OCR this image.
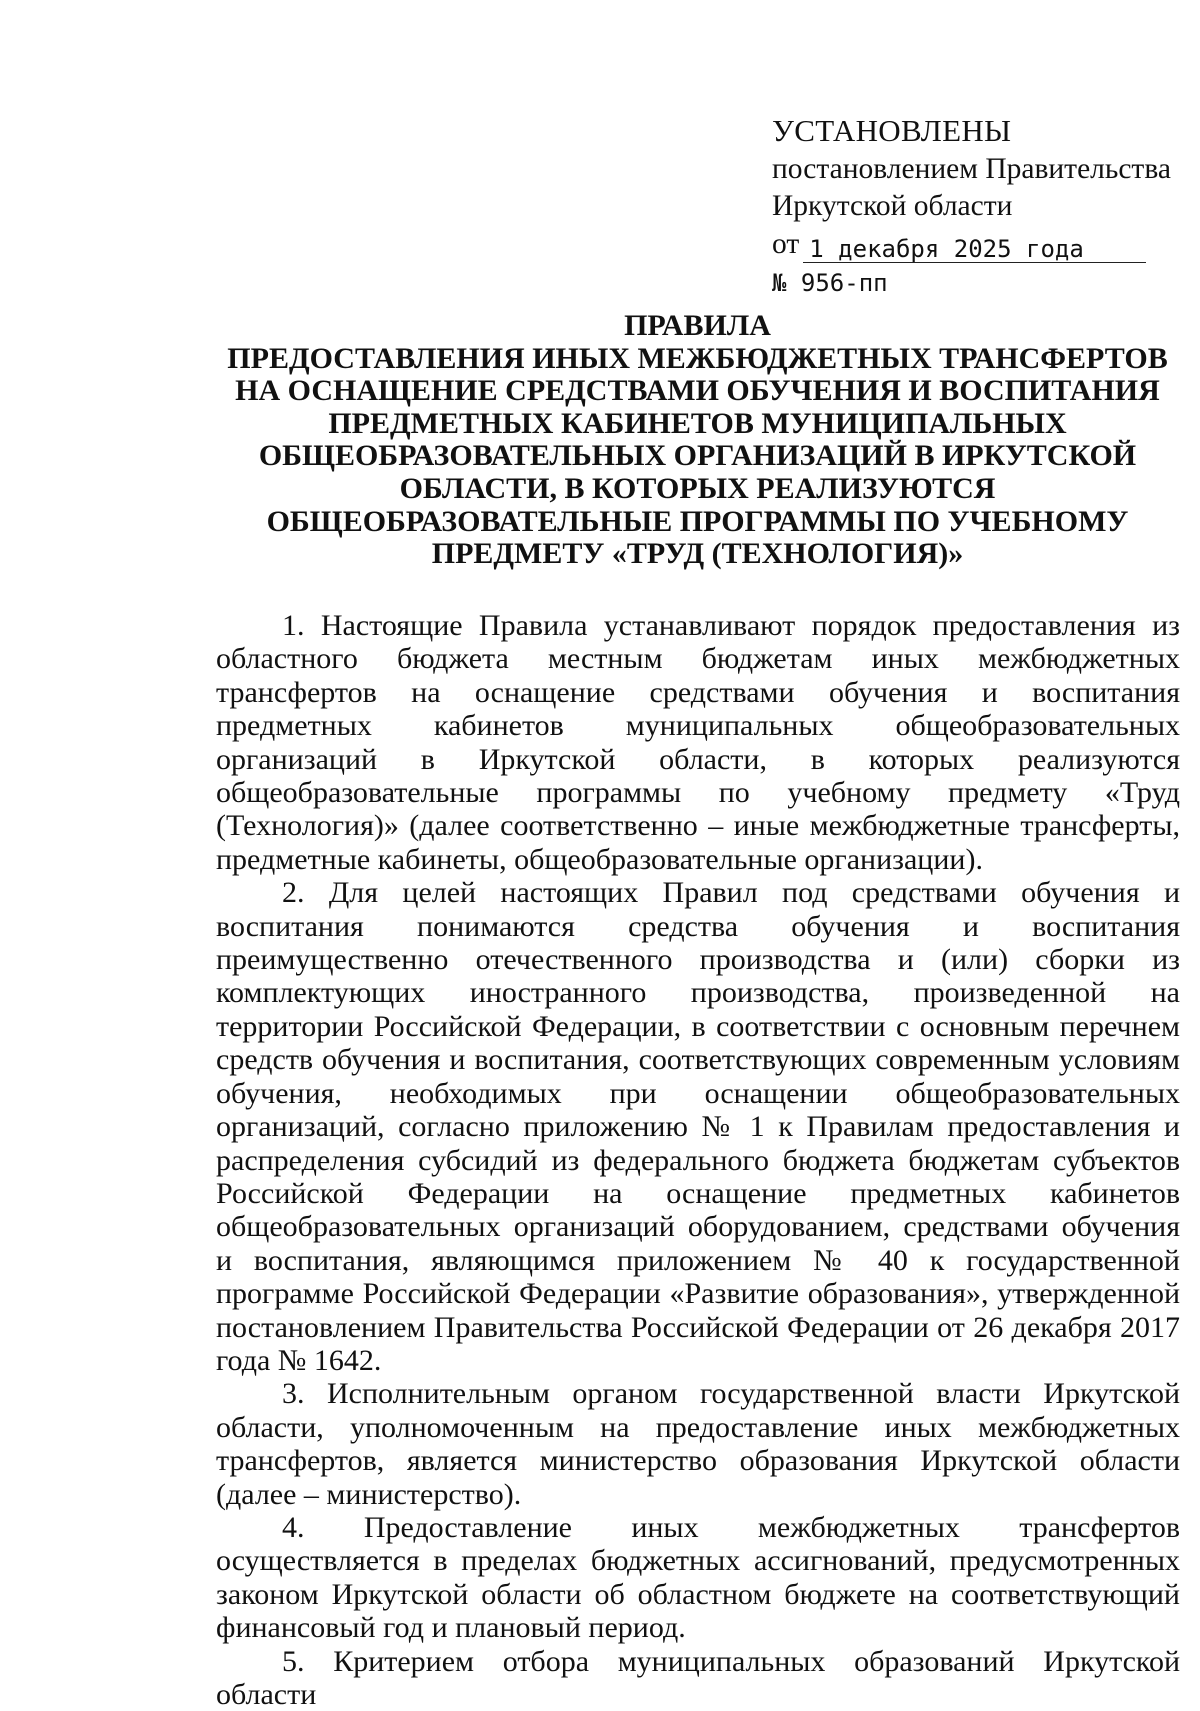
УСТАНОВЛЕНЫ
постановлением Правительства
Иркутской области
от 1 декабря 2025 года
№ 956-пп
ПРАВИЛА
ПРЕДОСТАВЛЕНИЯ ИНЫХ МЕЖБЮДЖЕТНЫХ ТРАНСФЕРТОВ НА ОСНАЩЕНИЕ СРЕДСТВАМИ ОБУЧЕНИЯ И ВОСПИТАНИЯ ПРЕДМЕТНЫХ КАБИНЕТОВ МУНИЦИПАЛЬНЫХ ОБЩЕОБРАЗОВАТЕЛЬНЫХ ОРГАНИЗАЦИЙ В ИРКУТСКОЙ ОБЛАСТИ, В КОТОРЫХ РЕАЛИЗУЮТСЯ ОБЩЕОБРАЗОВАТЕЛЬНЫЕ ПРОГРАММЫ ПО УЧЕБНОМУ ПРЕДМЕТУ «ТРУД (ТЕХНОЛОГИЯ)»

1. Настоящие Правила устанавливают порядок предоставления из областного бюджета местным бюджетам иных межбюджетных трансфертов на оснащение средствами обучения и воспитания предметных кабинетов муниципальных общеобразовательных организаций в Иркутской области, в которых реализуются общеобразовательные программы по учебному предмету «Труд (Технология)» (далее соответственно – иные межбюджетные трансферты, предметные кабинеты, общеобразовательные организации).

2. Для целей настоящих Правил под средствами обучения и воспитания понимаются средства обучения и воспитания преимущественно отечественного производства и (или) сборки из комплектующих иностранного производства, произведенной на территории Российской Федерации, в соответствии с основным перечнем средств обучения и воспитания, соответствующих современным условиям обучения, необходимых при оснащении общеобразовательных организаций, согласно приложению № 1 к Правилам предоставления и распределения субсидий из федерального бюджета бюджетам субъектов Российской Федерации на оснащение предметных кабинетов общеобразовательных организаций оборудованием, средствами обучения и воспитания, являющимся приложением № 40 к государственной программе Российской Федерации «Развитие образования», утвержденной постановлением Правительства Российской Федерации от 26 декабря 2017 года № 1642.

3. Исполнительным органом государственной власти Иркутской области, уполномоченным на предоставление иных межбюджетных трансфертов, является министерство образования Иркутской области (далее – министерство).

4. Предоставление иных межбюджетных трансфертов осуществляется в пределах бюджетных ассигнований, предусмотренных законом Иркутской области об областном бюджете на соответствующий финансовый год и плановый период.

5. Критерием отбора муниципальных образований Иркутской области
